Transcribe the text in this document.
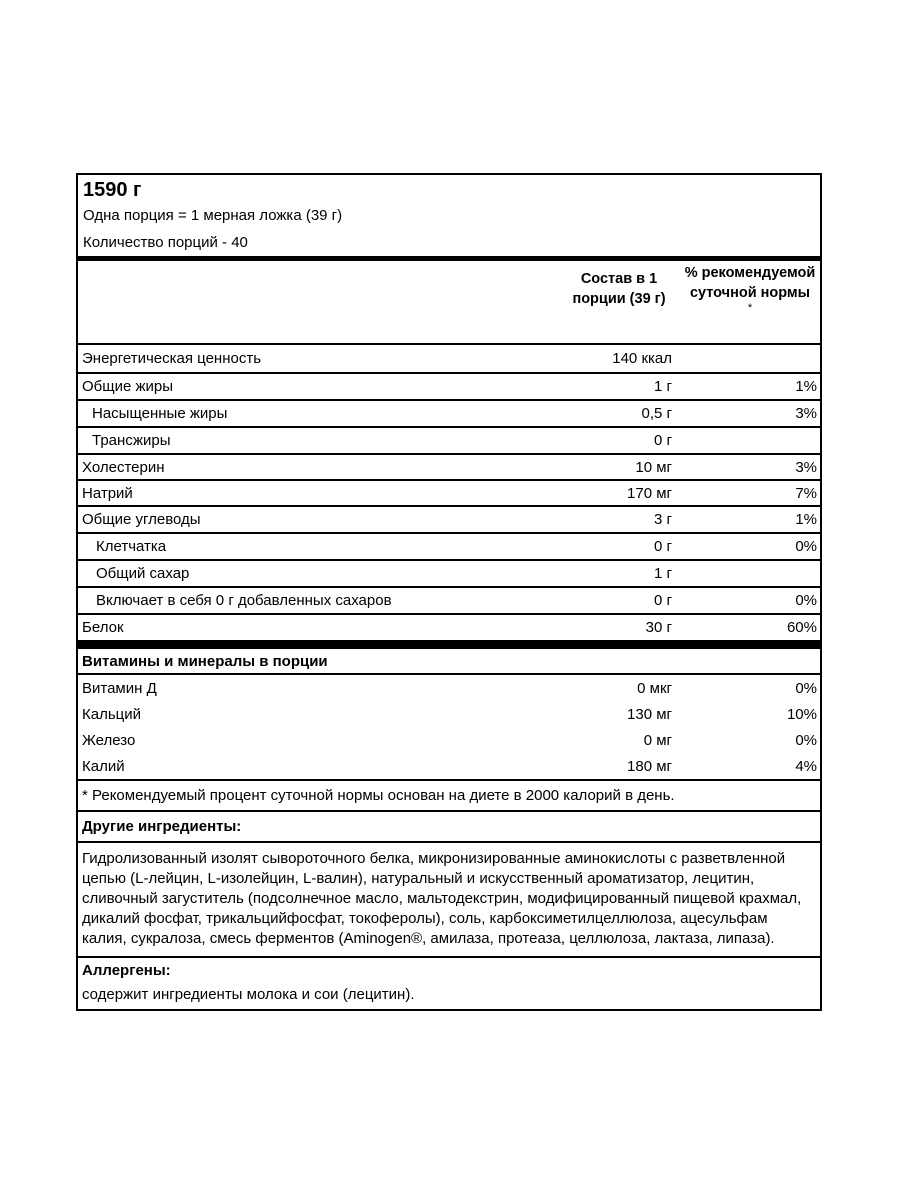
1590 г
Одна порция = 1 мерная ложка (39 г)
Количество порций - 40
Состав в 1 порции (39 г)
% рекомендуемой суточной нормы
*
Энергетическая ценность	140 ккал
Общие жиры	1 г	1%
Насыщенные жиры	0,5 г	3%
Трансжиры	0 г
Холестерин	10 мг	3%
Натрий	170 мг	7%
Общие углеводы	3 г	1%
Клетчатка	0 г	0%
Общий сахар	1 г
Включает в себя 0 г добавленных сахаров	0 г	0%
Белок	30 г	60%
Витамины и минералы в порции
Витамин Д	0 мкг	0%
Кальций	130 мг	10%
Железо	0 мг	0%
Калий	180 мг	4%
* Рекомендуемый процент суточной нормы основан на диете в 2000 калорий в день.
Другие ингредиенты:
Гидролизованный изолят сывороточного белка, микронизированные аминокислоты с разветвленной цепью (L-лейцин, L-изолейцин, L-валин), натуральный и искусственный ароматизатор, лецитин, сливочный загуститель (подсолнечное масло, мальтодекстрин, модифицированный пищевой крахмал, дикалий фосфат, трикальцийфосфат, токоферолы), соль, карбоксиметилцеллюлоза, ацесульфам калия, сукралоза, смесь ферментов (Aminogen®, амилаза, протеаза, целлюлоза, лактаза, липаза).
Аллергены:
содержит ингредиенты молока и сои (лецитин).
